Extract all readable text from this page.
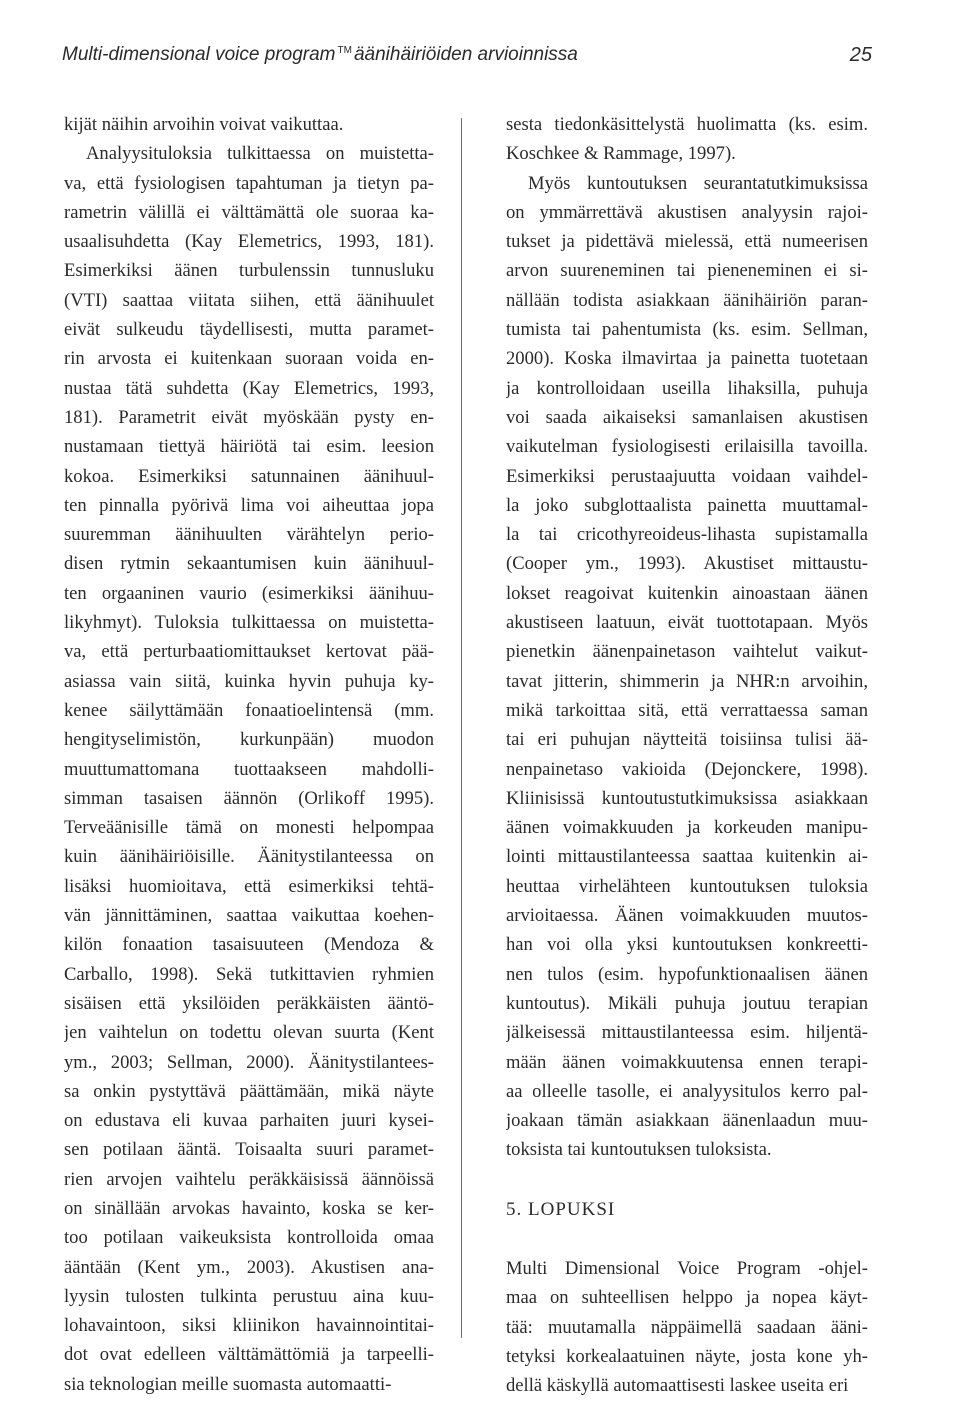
Multi-dimensional voice program ™ äänihäiriöiden arvioinnissa	25
kijät näihin arvoihin voivat vaikuttaa.
Analyysituloksia tulkittaessa on muistetta-
va, että fysiologisen tapahtuman ja tietyn pa-
rametrin välillä ei välttämättä ole suoraa ka-
usaalisuhdetta (Kay Elemetrics, 1993, 181).
Esimerkiksi äänen turbulenssin tunnusluku
(VTI) saattaa viitata siihen, että äänihuulet
eivät sulkeudu täydellisesti, mutta paramet-
rin arvosta ei kuitenkaan suoraan voida en-
nustaa tätä suhdetta (Kay Elemetrics, 1993,
181). Parametrit eivät myöskään pysty en-
nustamaan tiettyä häiriötä tai esim. leesion
kokoa. Esimerkiksi satunnainen äänihuul-
ten pinnalla pyörivä lima voi aiheuttaa jopa
suuremman äänihuulten värähtelyn perio-
disen rytmin sekaantumisen kuin äänihuul-
ten orgaaninen vaurio (esimerkiksi äänihuu-
likyhmyt). Tuloksia tulkittaessa on muistetta-
va, että perturbaatiomittaukset kertovat pää-
asiassa vain siitä, kuinka hyvin puhuja ky-
kenee säilyttämään fonaatioelintensä (mm.
hengityselimistön, kurkunpään) muodon
muuttumattomana tuottaakseen mahdolli-
simman tasaisen äännön (Orlikoff 1995).
Terveäänisille tämä on monesti helpompaa
kuin äänihäiriöisille. Äänitystilanteessa on
lisäksi huomioitava, että esimerkiksi tehtä-
vän jännittäminen, saattaa vaikuttaa koehen-
kilön fonaation tasaisuuteen (Mendoza &
Carballo, 1998). Sekä tutkittavien ryhmien
sisäisen että yksilöiden peräkkäisten ääntö-
jen vaihtelun on todettu olevan suurta (Kent
ym., 2003; Sellman, 2000). Äänitystilantees-
sa onkin pystyttävä päättämään, mikä näyte
on edustava eli kuvaa parhaiten juuri kysei-
sen potilaan ääntä. Toisaalta suuri paramet-
rien arvojen vaihtelu peräkkäisissä äännöissä
on sinällään arvokas havainto, koska se ker-
too potilaan vaikeuksista kontrolloida omaa
ääntään (Kent ym., 2003). Akustisen ana-
lyysin tulosten tulkinta perustuu aina kuu-
lohavaintoon, siksi kliinikon havainnointitai-
dot ovat edelleen välttämättömiä ja tarpeelli-
sia teknologian meille suomasta automaatti-
sesta tiedonkäsittelystä huolimatta (ks. esim.
Koschkee & Rammage, 1997).
Myös kuntoutuksen seurantatutkimuksissa
on ymmärrettävä akustisen analyysin rajoi-
tukset ja pidettävä mielessä, että numeerisen
arvon suureneminen tai pieneneminen ei si-
nällään todista asiakkaan äänihäiriön paran-
tumista tai pahentumista (ks. esim. Sellman,
2000). Koska ilmavirtaa ja painetta tuotetaan
ja kontrolloidaan useilla lihaksilla, puhuja
voi saada aikaiseksi samanlaisen akustisen
vaikutelman fysiologisesti erilaisilla tavoilla.
Esimerkiksi perustaajuutta voidaan vaihdel-
la joko subglottaalista painetta muuttamal-
la tai cricothyreoideus-lihasta supistamalla
(Cooper ym., 1993). Akustiset mittaustu-
lokset reagoivat kuitenkin ainoastaan äänen
akustiseen laatuun, eivät tuottotapaan. Myös
pienetkin äänenpainetason vaihtelut vaikut-
tavat jitterin, shimmerin ja NHR:n arvoihin,
mikä tarkoittaa sitä, että verrattaessa saman
tai eri puhujan näytteitä toisiinsa tulisi ää-
nenpainetaso vakioida (Dejonckere, 1998).
Kliinisissä kuntoutustutkimuksissa asiakkaan
äänen voimakkuuden ja korkeuden manipu-
lointi mittaustilanteessa saattaa kuitenkin ai-
heuttaa virhelähteen kuntoutuksen tuloksia
arvioitaessa. Äänen voimakkuuden muutos-
han voi olla yksi kuntoutuksen konkreetti-
nen tulos (esim. hypofunktionaalisen äänen
kuntoutus). Mikäli puhuja joutuu terapian
jälkeisessä mittaustilanteessa esim. hiljentä-
mään äänen voimakkuutensa ennen terapi-
aa olleelle tasolle, ei analyysitulos kerro pal-
joakaan tämän asiakkaan äänenlaadun muu-
toksista tai kuntoutuksen tuloksista.
5. LOPUKSI
Multi Dimensional Voice Program -ohjel-
maa on suhteellisen helppo ja nopea käyt-
tää: muutamalla näppäimellä saadaan ääni-
tetyksi korkealaatuinen näyte, josta kone yh-
dellä käskyllä automaattisesti laskee useita eri
